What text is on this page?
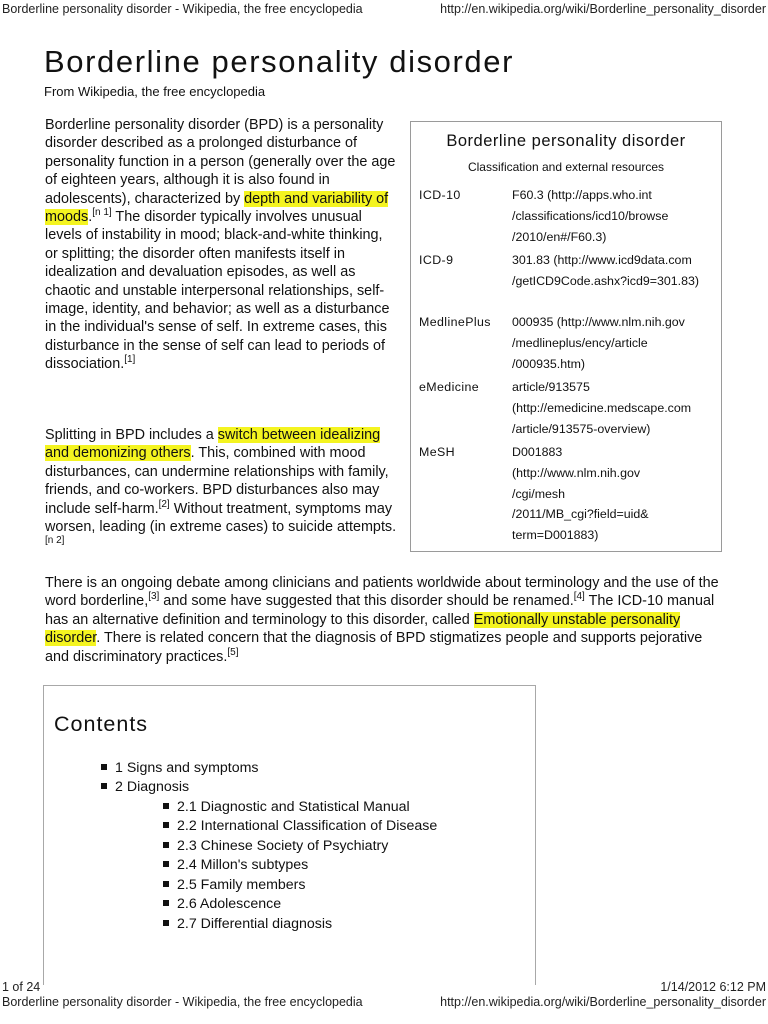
Borderline personality disorder - Wikipedia, the free encyclopedia	http://en.wikipedia.org/wiki/Borderline_personality_disorder
Borderline personality disorder
From Wikipedia, the free encyclopedia

Borderline personality disorder (BPD) is a personality disorder described as a prolonged disturbance of personality function in a person (generally over the age of eighteen years, although it is also found in adolescents), characterized by depth and variability of moods.[n 1] The disorder typically involves unusual levels of instability in mood; black-and-white thinking, or splitting; the disorder often manifests itself in idealization and devaluation episodes, as well as chaotic and unstable interpersonal relationships, self-image, identity, and behavior; as well as a disturbance in the individual's sense of self. In extreme cases, this disturbance in the sense of self can lead to periods of dissociation.[1]

Splitting in BPD includes a switch between idealizing and demonizing others. This, combined with mood disturbances, can undermine relationships with family, friends, and co-workers. BPD disturbances also may include self-harm.[2] Without treatment, symptoms may worsen, leading (in extreme cases) to suicide attempts.[n 2]

There is an ongoing debate among clinicians and patients worldwide about terminology and the use of the word borderline,[3] and some have suggested that this disorder should be renamed.[4] The ICD-10 manual has an alternative definition and terminology to this disorder, called Emotionally unstable personality disorder. There is related concern that the diagnosis of BPD stigmatizes people and supports pejorative and discriminatory practices.[5]

Borderline personality disorder
Classification and external resources
ICD-10	F60.3 (http://apps.who.int
/classifications/icd10/browse
/2010/en#/F60.3)
ICD-9	301.83 (http://www.icd9data.com
/getICD9Code.ashx?icd9=301.83)
MedlinePlus 000935 (http://www.nlm.nih.gov
/medlineplus/ency/article
/000935.htm)
eMedicine	article/913575
(http://emedicine.medscape.com
/article/913575-overview)
MeSH	D001883
(http://www.nlm.nih.gov
/cgi/mesh
/2011/MB_cgi?field=uid&
term=D001883)
Contents
1 Signs and symptoms
2 Diagnosis
2.1 Diagnostic and Statistical Manual
2.2 International Classification of Disease
2.3 Chinese Society of Psychiatry
2.4 Millon's subtypes
2.5 Family members
2.6 Adolescence
2.7 Differential diagnosis
1 of 24	1/14/2012 6:12 PM
Borderline personality disorder - Wikipedia, the free encyclopedia	http://en.wikipedia.org/wiki/Borderline_personality_disorder
